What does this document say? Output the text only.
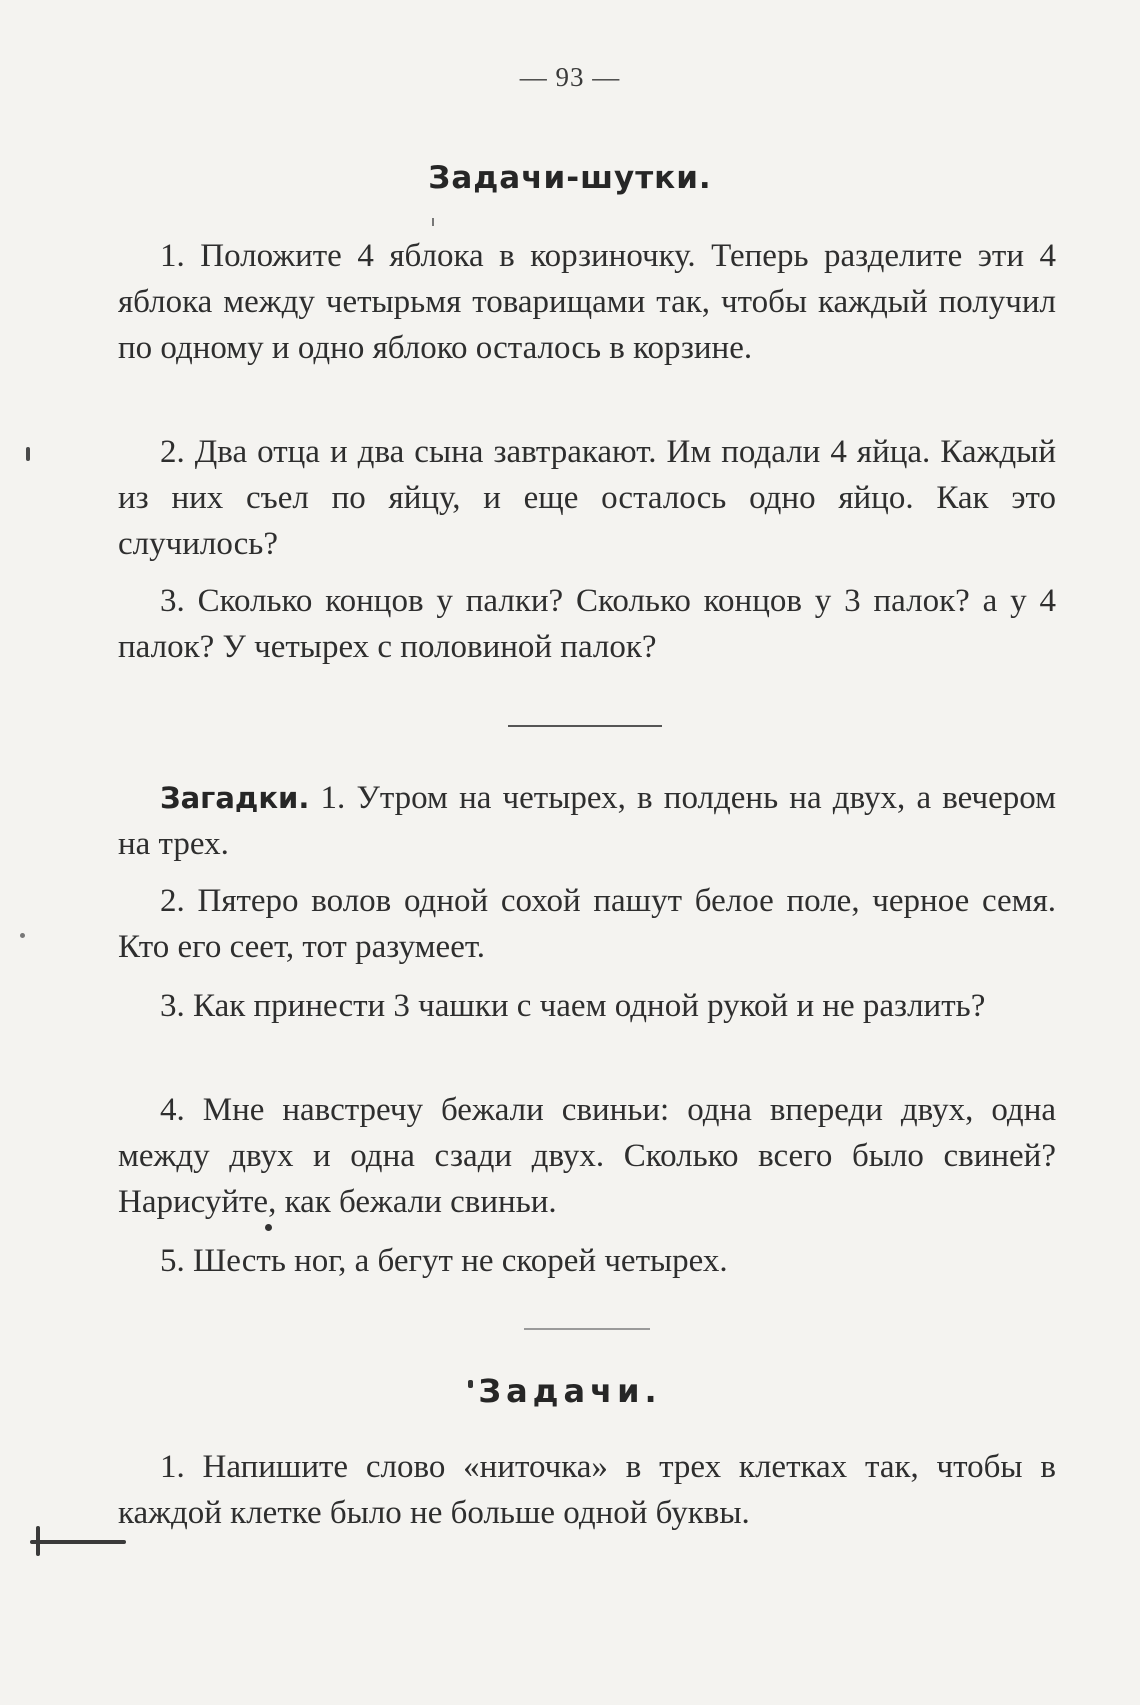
— 93 —
Задачи-шутки.

1. Положите 4 яблока в корзиночку. Теперь разделите эти 4 яблока между четырьмя товарищами так, чтобы каждый получил по одному и одно яблоко осталось в корзине.

2. Два отца и два сына завтракают. Им подали 4 яйца. Каждый из них съел по яйцу, и еще осталось одно яйцо. Как это случилось?

3. Сколько концов у палки? Сколько концов у 3 палок? а у 4 палок? У четырех с половиной палок?

Загадки. 1. Утром на четырех, в полдень на двух, а вечером на трех.

2. Пятеро волов одной сохой пашут белое поле, черное семя. Кто его сеет, тот разумеет.

3. Как принести 3 чашки с чаем одной рукой и не разлить?

4. Мне навстречу бежали свиньи: одна впереди двух, одна между двух и одна сзади двух. Сколько всего было свиней? Нарисуйте, как бежали свиньи.

5. Шесть ног, а бегут не скорей четырех.

Задачи.

1. Напишите слово «ниточка» в трех клетках так, чтобы в каждой клетке было не больше одной буквы.
